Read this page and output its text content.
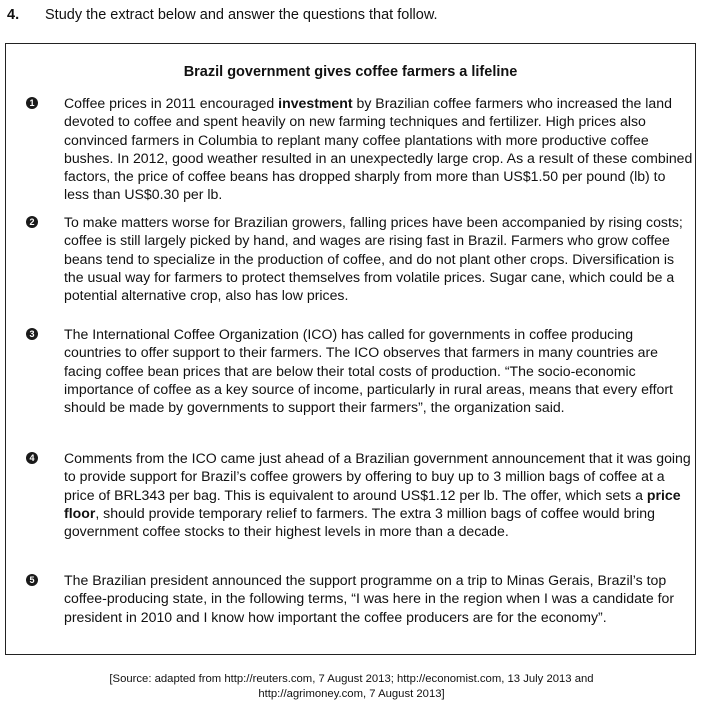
4. Study the extract below and answer the questions that follow.
Brazil government gives coffee farmers a lifeline
1 Coffee prices in 2011 encouraged investment by Brazilian coffee farmers who increased the land devoted to coffee and spent heavily on new farming techniques and fertilizer. High prices also convinced farmers in Columbia to replant many coffee plantations with more productive coffee bushes. In 2012, good weather resulted in an unexpectedly large crop. As a result of these combined factors, the price of coffee beans has dropped sharply from more than US$1.50 per pound (lb) to less than US$0.30 per lb.

2 To make matters worse for Brazilian growers, falling prices have been accompanied by rising costs; coffee is still largely picked by hand, and wages are rising fast in Brazil. Farmers who grow coffee beans tend to specialize in the production of coffee, and do not plant other crops. Diversification is the usual way for farmers to protect themselves from volatile prices. Sugar cane, which could be a potential alternative crop, also has low prices.

3 The International Coffee Organization (ICO) has called for governments in coffee producing countries to offer support to their farmers. The ICO observes that farmers in many countries are facing coffee bean prices that are below their total costs of production. “The socio-economic importance of coffee as a key source of income, particularly in rural areas, means that every effort should be made by governments to support their farmers”, the organization said.

4 Comments from the ICO came just ahead of a Brazilian government announcement that it was going to provide support for Brazil’s coffee growers by offering to buy up to 3 million bags of coffee at a price of BRL343 per bag. This is equivalent to around US$1.12 per lb. The offer, which sets a price floor, should provide temporary relief to farmers. The extra 3 million bags of coffee would bring government coffee stocks to their highest levels in more than a decade.

5 The Brazilian president announced the support programme on a trip to Minas Gerais, Brazil’s top coffee-producing state, in the following terms, “I was here in the region when I was a candidate for president in 2010 and I know how important the coffee producers are for the economy”.

[Source: adapted from http://reuters.com, 7 August 2013; http://economist.com, 13 July 2013 and
http://agrimoney.com, 7 August 2013]
